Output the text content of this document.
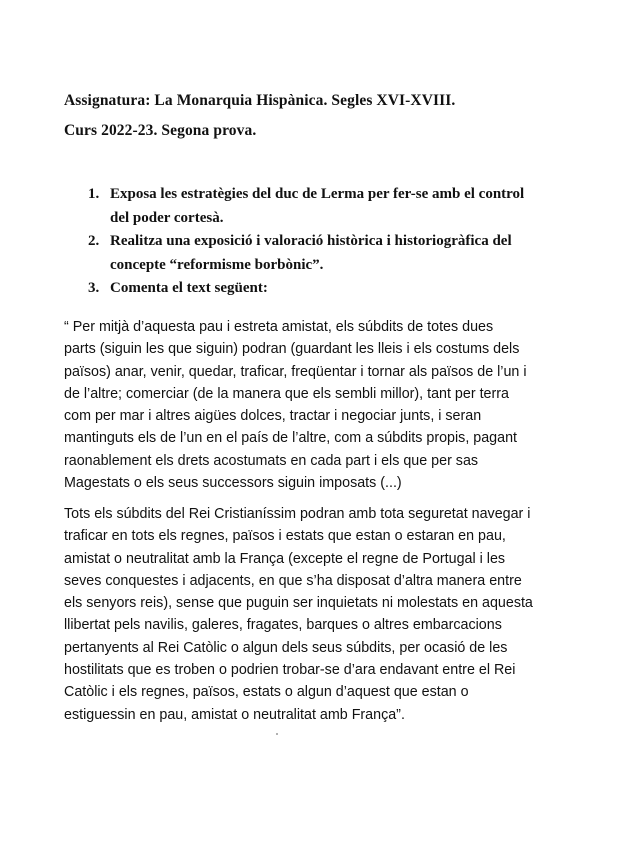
Assignatura: La Monarquia Hispànica. Segles XVI-XVIII.
Curs 2022-23. Segona prova.
1. Exposa les estratègies del duc de Lerma per fer-se amb el control
del poder cortesà.
2. Realitza una exposició i valoració històrica i historiogràfica del
concepte “reformisme borbònic”.
3. Comenta el text següent:
“ Per mitjà d’aquesta pau i estreta amistat, els súbdits de totes dues
parts (siguin les que siguin) podran (guardant les lleis i els costums dels
països) anar, venir, quedar, traficar, freqüentar i tornar als països de l’un i
de l’altre; comerciar (de la manera que els sembli millor), tant per terra
com per mar i altres aigües dolces, tractar i negociar junts, i seran
mantinguts els de l’un en el país de l’altre, com a súbdits propis, pagant
raonablement els drets acostumats en cada part i els que per sas
Magestats o els seus successors siguin imposats (...)
Tots els súbdits del Rei Cristianíssim podran amb tota seguretat navegar i
traficar en tots els regnes, països i estats que estan o estaran en pau,
amistat o neutralitat amb la França (excepte el regne de Portugal i les
seves conquestes i adjacents, en que s’ha disposat d’altra manera entre
els senyors reis), sense que puguin ser inquietats ni molestats en aquesta
llibertat pels navilis, galeres, fragates, barques o altres embarcacions
pertanyents al Rei Catòlic o algun dels seus súbdits, per ocasió de les
hostilitats que es troben o podrien trobar-se d’ara endavant entre el Rei
Catòlic i els regnes, països, estats o algun d’aquest que estan o
estiguessin en pau, amistat o neutralitat amb França”.
